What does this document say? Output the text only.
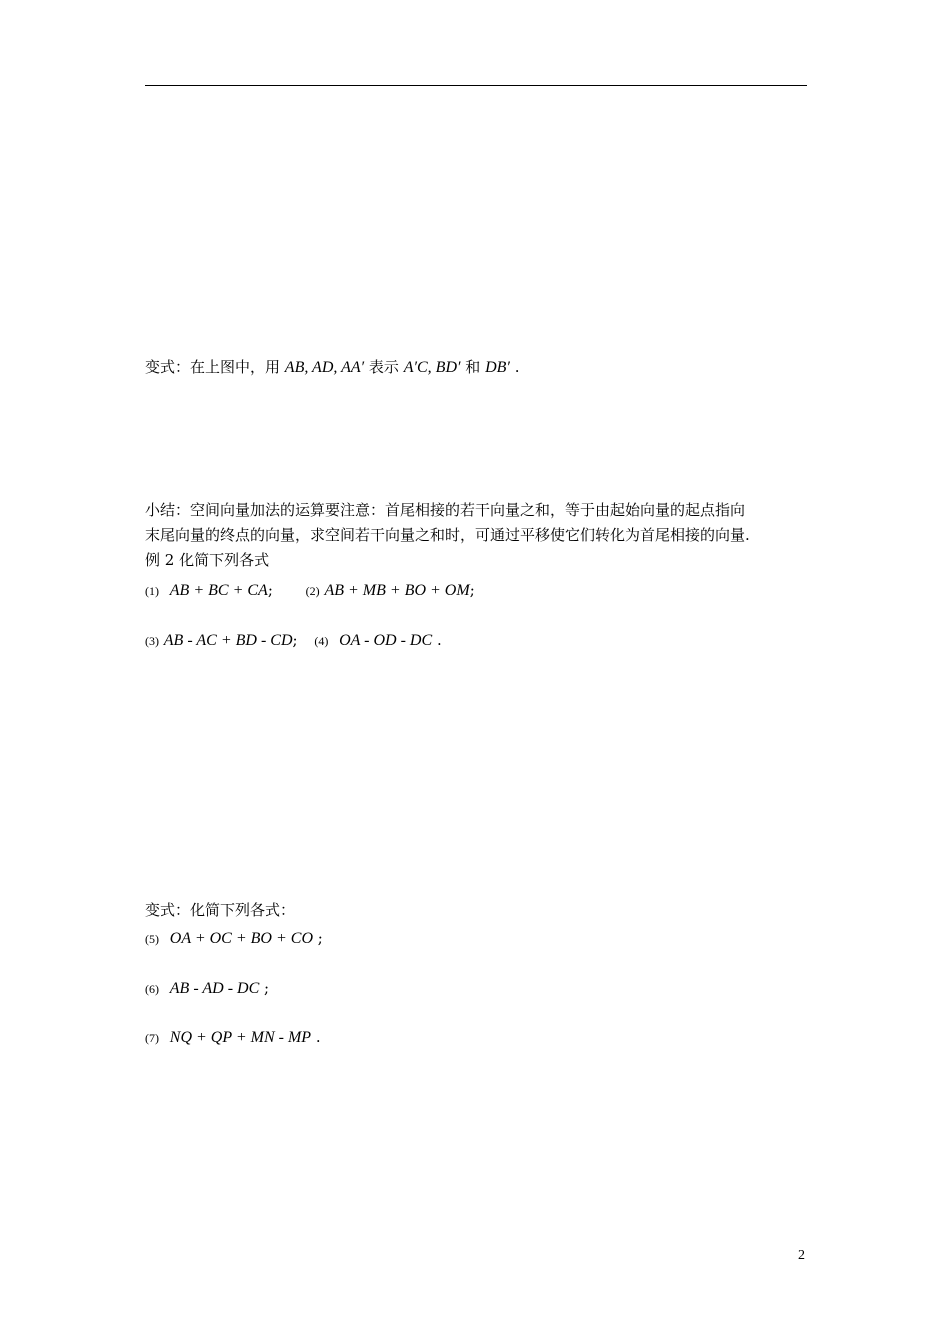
变式：在上图中，用 AB, AD, AA′ 表示 A′C, BD′ 和 DB′ .
小结：空间向量加法的运算要注意：首尾相接的若干向量之和，等于由起始向量的起点指向
末尾向量的终点的向量，求空间若干向量之和时，可通过平移使它们转化为首尾相接的向量.
例 2 化简下列各式
(1) AB + BC + CA;	(2) AB + MB + BO + OM;
(3) AB - AC + BD - CD; (4) OA - OD - DC .
变式：化简下列各式：
(5) OA + OC + BO + CO ;
(6) AB - AD - DC ;
(7) NQ + QP + MN - MP .
2
